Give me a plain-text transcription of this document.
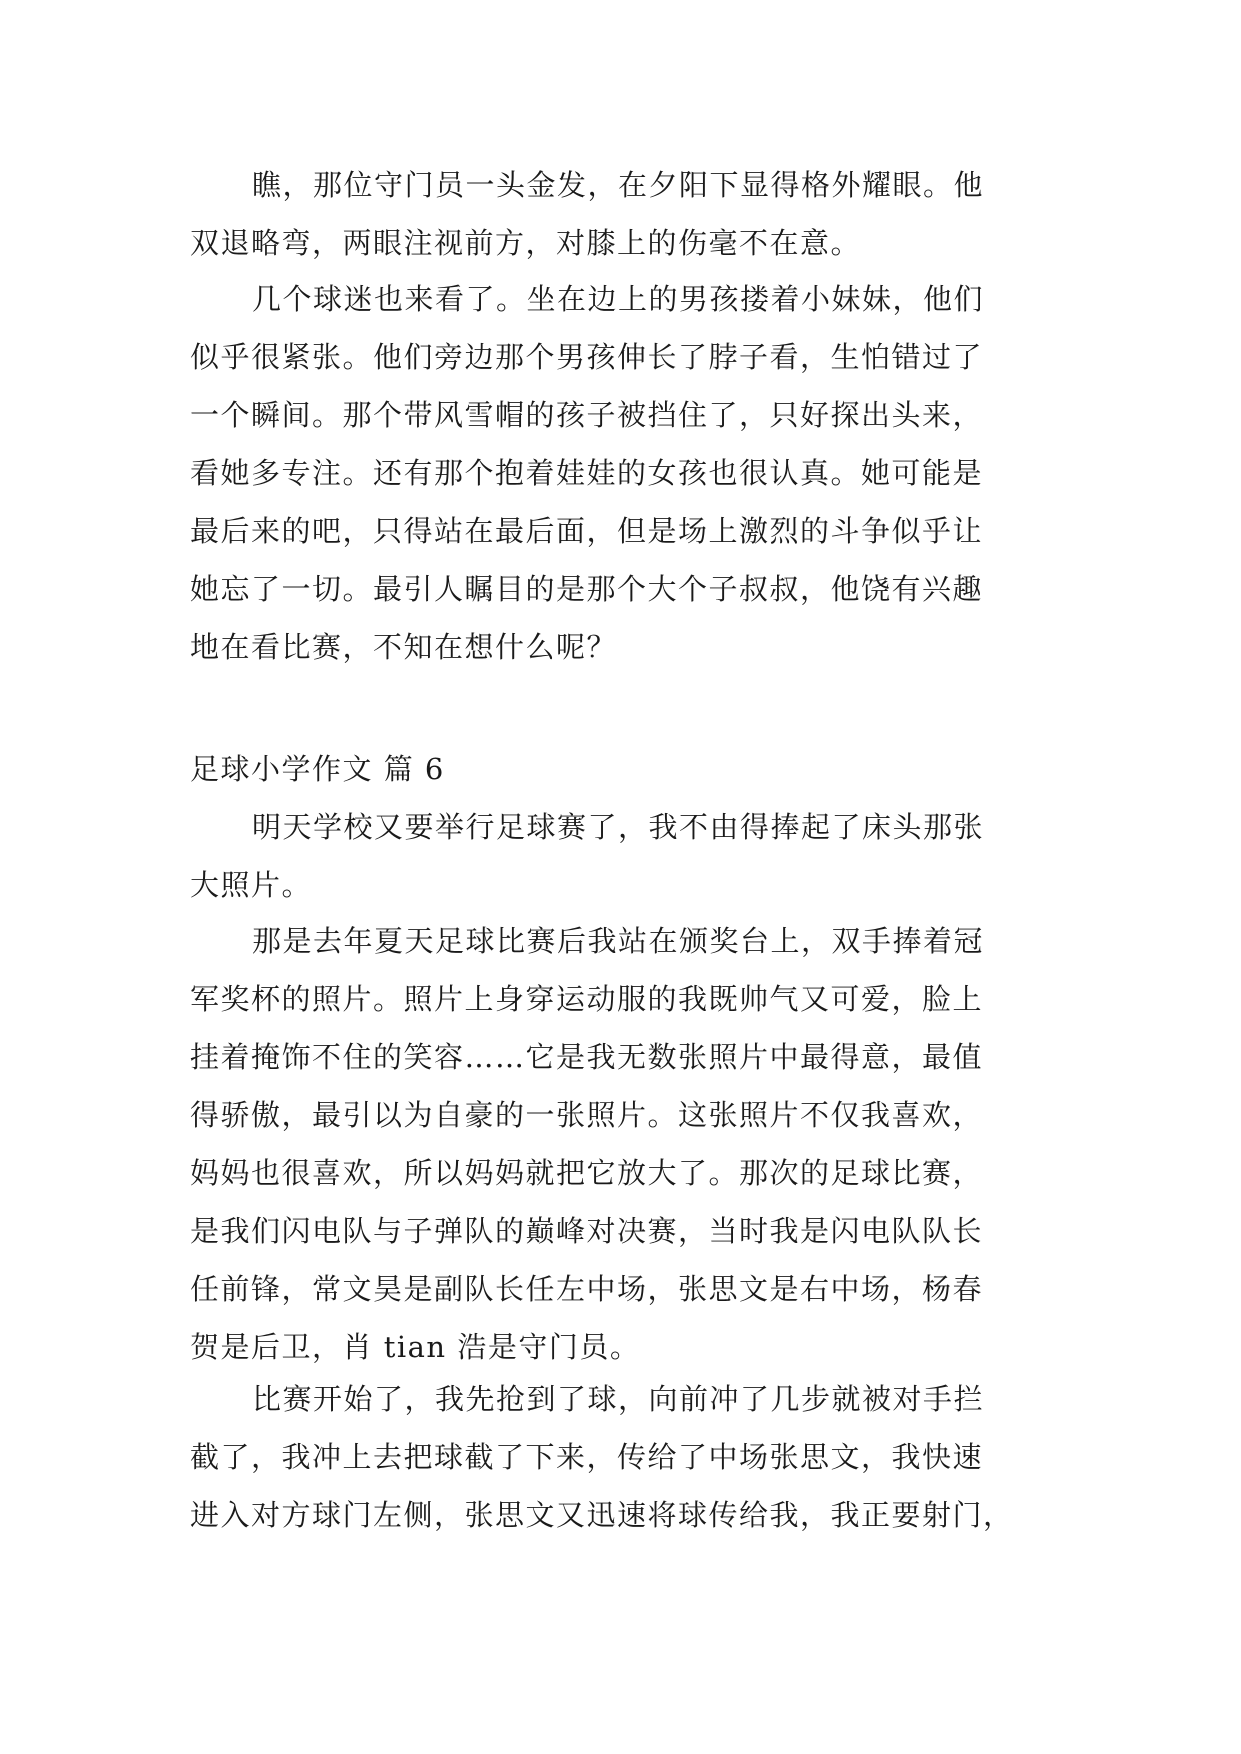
瞧，那位守门员一头金发，在夕阳下显得格外耀眼。他
双退略弯，两眼注视前方，对膝上的伤毫不在意。
几个球迷也来看了。坐在边上的男孩搂着小妹妹，他们
似乎很紧张。他们旁边那个男孩伸长了脖子看，生怕错过了
一个瞬间。那个带风雪帽的孩子被挡住了，只好探出头来，
看她多专注。还有那个抱着娃娃的女孩也很认真。她可能是
最后来的吧，只得站在最后面，但是场上激烈的斗争似乎让
她忘了一切。最引人瞩目的是那个大个子叔叔，他饶有兴趣
地在看比赛，不知在想什么呢？
足球小学作文 篇 6
明天学校又要举行足球赛了，我不由得捧起了床头那张
大照片。
那是去年夏天足球比赛后我站在颁奖台上，双手捧着冠
军奖杯的照片。照片上身穿运动服的我既帅气又可爱，脸上
挂着掩饰不住的笑容……它是我无数张照片中最得意，最值
得骄傲，最引以为自豪的一张照片。这张照片不仅我喜欢，
妈妈也很喜欢，所以妈妈就把它放大了。那次的足球比赛，
是我们闪电队与子弹队的巅峰对决赛，当时我是闪电队队长
任前锋，常文昊是副队长任左中场，张思文是右中场，杨春
贺是后卫，肖 tian 浩是守门员。
比赛开始了，我先抢到了球，向前冲了几步就被对手拦
截了，我冲上去把球截了下来，传给了中场张思文，我快速
进入对方球门左侧，张思文又迅速将球传给我，我正要射门，
